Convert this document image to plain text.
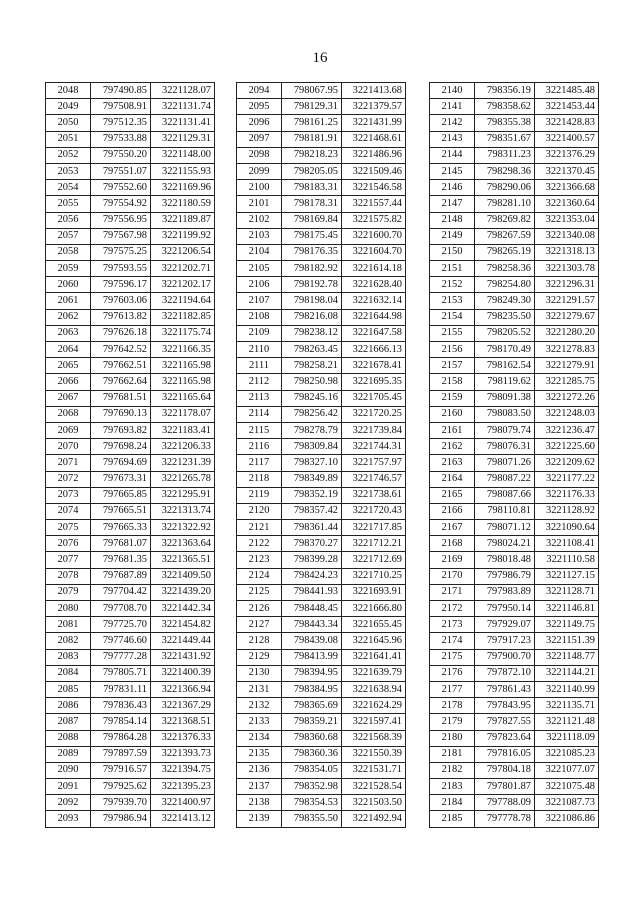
16
2048	797490.85	3221128.07
2049	797508.91	3221131.74
2050	797512.35	3221131.41
2051	797533.88	3221129.31
2052	797550.20	3221148.00
2053	797551.07	3221155.93
2054	797552.60	3221169.96
2055	797554.92	3221180.59
2056	797556.95	3221189.87
2057	797567.98	3221199.92
2058	797575.25	3221206.54
2059	797593.55	3221202.71
2060	797596.17	3221202.17
2061	797603.06	3221194.64
2062	797613.82	3221182.85
2063	797626.18	3221175.74
2064	797642.52	3221166.35
2065	797662.51	3221165.98
2066	797662.64	3221165.98
2067	797681.51	3221165.64
2068	797690.13	3221178.07
2069	797693.82	3221183.41
2070	797698.24	3221206.33
2071	797694.69	3221231.39
2072	797673.31	3221265.78
2073	797665.85	3221295.91
2074	797665.51	3221313.74
2075	797665.33	3221322.92
2076	797681.07	3221363.64
2077	797681.35	3221365.51
2078	797687.89	3221409.50
2079	797704.42	3221439.20
2080	797708.70	3221442.34
2081	797725.70	3221454.82
2082	797746.60	3221449.44
2083	797777.28	3221431.92
2084	797805.71	3221400.39
2085	797831.11	3221366.94
2086	797836.43	3221367.29
2087	797854.14	3221368.51
2088	797864.28	3221376.33
2089	797897.59	3221393.73
2090	797916.57	3221394.75
2091	797925.62	3221395.23
2092	797939.70	3221400.97
2093	797986.94	3221413.12
2094	798067.95	3221413.68
2095	798129.31	3221379.57
2096	798161.25	3221431.99
2097	798181.91	3221468.61
2098	798218.23	3221486.96
2099	798205.05	3221509.46
2100	798183.31	3221546.58
2101	798178.31	3221557.44
2102	798169.84	3221575.82
2103	798175.45	3221600.70
2104	798176.35	3221604.70
2105	798182.92	3221614.18
2106	798192.78	3221628.40
2107	798198.04	3221632.14
2108	798216.08	3221644.98
2109	798238.12	3221647.58
2110	798263.45	3221666.13
2111	798258.21	3221678.41
2112	798250.98	3221695.35
2113	798245.16	3221705.45
2114	798256.42	3221720.25
2115	798278.79	3221739.84
2116	798309.84	3221744.31
2117	798327.10	3221757.97
2118	798349.89	3221746.57
2119	798352.19	3221738.61
2120	798357.42	3221720.43
2121	798361.44	3221717.85
2122	798370.27	3221712.21
2123	798399.28	3221712.69
2124	798424.23	3221710.25
2125	798441.93	3221693.91
2126	798448.45	3221666.80
2127	798443.34	3221655.45
2128	798439.08	3221645.96
2129	798413.99	3221641.41
2130	798394.95	3221639.79
2131	798384.95	3221638.94
2132	798365.69	3221624.29
2133	798359.21	3221597.41
2134	798360.68	3221568.39
2135	798360.36	3221550.39
2136	798354.05	3221531.71
2137	798352.98	3221528.54
2138	798354.53	3221503.50
2139	798355.50	3221492.94
2140	798356.19	3221485.48
2141	798358.62	3221453.44
2142	798355.38	3221428.83
2143	798351.67	3221400.57
2144	798311.23	3221376.29
2145	798298.36	3221370.45
2146	798290.06	3221366.68
2147	798281.10	3221360.64
2148	798269.82	3221353.04
2149	798267.59	3221340.08
2150	798265.19	3221318.13
2151	798258.36	3221303.78
2152	798254.80	3221296.31
2153	798249.30	3221291.57
2154	798235.50	3221279.67
2155	798205.52	3221280.20
2156	798170.49	3221278.83
2157	798162.54	3221279.91
2158	798119.62	3221285.75
2159	798091.38	3221272.26
2160	798083.50	3221248.03
2161	798079.74	3221236.47
2162	798076.31	3221225.60
2163	798071.26	3221209.62
2164	798087.22	3221177.22
2165	798087.66	3221176.33
2166	798110.81	3221128.92
2167	798071.12	3221090.64
2168	798024.21	3221108.41
2169	798018.48	3221110.58
2170	797986.79	3221127.15
2171	797983.89	3221128.71
2172	797950.14	3221146.81
2173	797929.07	3221149.75
2174	797917.23	3221151.39
2175	797900.70	3221148.77
2176	797872.10	3221144.21
2177	797861.43	3221140.99
2178	797843.95	3221135.71
2179	797827.55	3221121.48
2180	797823.64	3221118.09
2181	797816.05	3221085.23
2182	797804.18	3221077.07
2183	797801.87	3221075.48
2184	797788.09	3221087.73
2185	797778.78	3221086.86
